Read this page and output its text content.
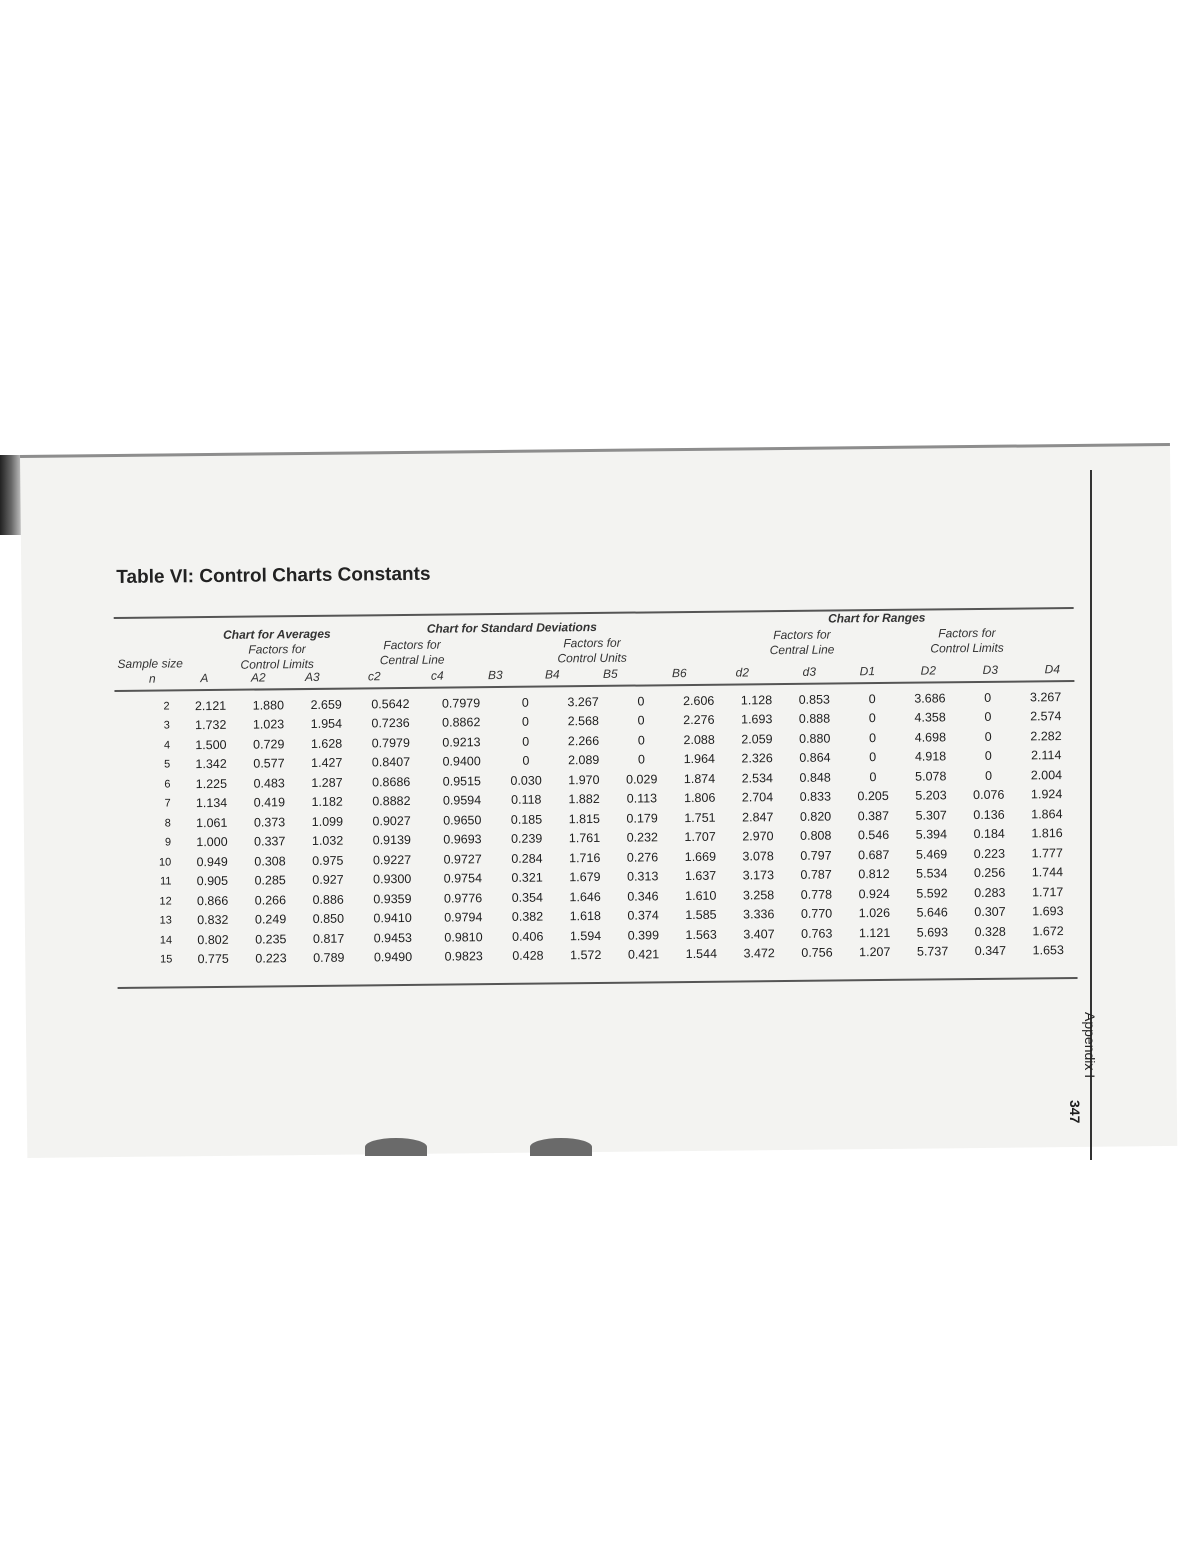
Table VI: Control Charts Constants
Chart for Averages
Factors for
Control Limits
Chart for Standard Deviations
Factors for
Central Line
Factors for
Control Units
Chart for Ranges
Factors for
Central Line
Factors for
Control Limits
Sample size
n	A	A2	A3	c2	c4	B3	B4	B5	B6	d2	d3	D1	D2	D3	D4
2	2.121	1.880	2.659	0.5642	0.7979	0	3.267	0	2.606	1.128	0.853	0	3.686	0	3.267
3	1.732	1.023	1.954	0.7236	0.8862	0	2.568	0	2.276	1.693	0.888	0	4.358	0	2.574
4	1.500	0.729	1.628	0.7979	0.9213	0	2.266	0	2.088	2.059	0.880	0	4.698	0	2.282
5	1.342	0.577	1.427	0.8407	0.9400	0	2.089	0	1.964	2.326	0.864	0	4.918	0	2.114
6	1.225	0.483	1.287	0.8686	0.9515	0.030	1.970	0.029	1.874	2.534	0.848	0	5.078	0	2.004
7	1.134	0.419	1.182	0.8882	0.9594	0.118	1.882	0.113	1.806	2.704	0.833	0.205	5.203	0.076	1.924
8	1.061	0.373	1.099	0.9027	0.9650	0.185	1.815	0.179	1.751	2.847	0.820	0.387	5.307	0.136	1.864
9	1.000	0.337	1.032	0.9139	0.9693	0.239	1.761	0.232	1.707	2.970	0.808	0.546	5.394	0.184	1.816
10	0.949	0.308	0.975	0.9227	0.9727	0.284	1.716	0.276	1.669	3.078	0.797	0.687	5.469	0.223	1.777
11	0.905	0.285	0.927	0.9300	0.9754	0.321	1.679	0.313	1.637	3.173	0.787	0.812	5.534	0.256	1.744
12	0.866	0.266	0.886	0.9359	0.9776	0.354	1.646	0.346	1.610	3.258	0.778	0.924	5.592	0.283	1.717
13	0.832	0.249	0.850	0.9410	0.9794	0.382	1.618	0.374	1.585	3.336	0.770	1.026	5.646	0.307	1.693
14	0.802	0.235	0.817	0.9453	0.9810	0.406	1.594	0.399	1.563	3.407	0.763	1.121	5.693	0.328	1.672
15	0.775	0.223	0.789	0.9490	0.9823	0.428	1.572	0.421	1.544	3.472	0.756	1.207	5.737	0.347	1.653
Appendix I
347
